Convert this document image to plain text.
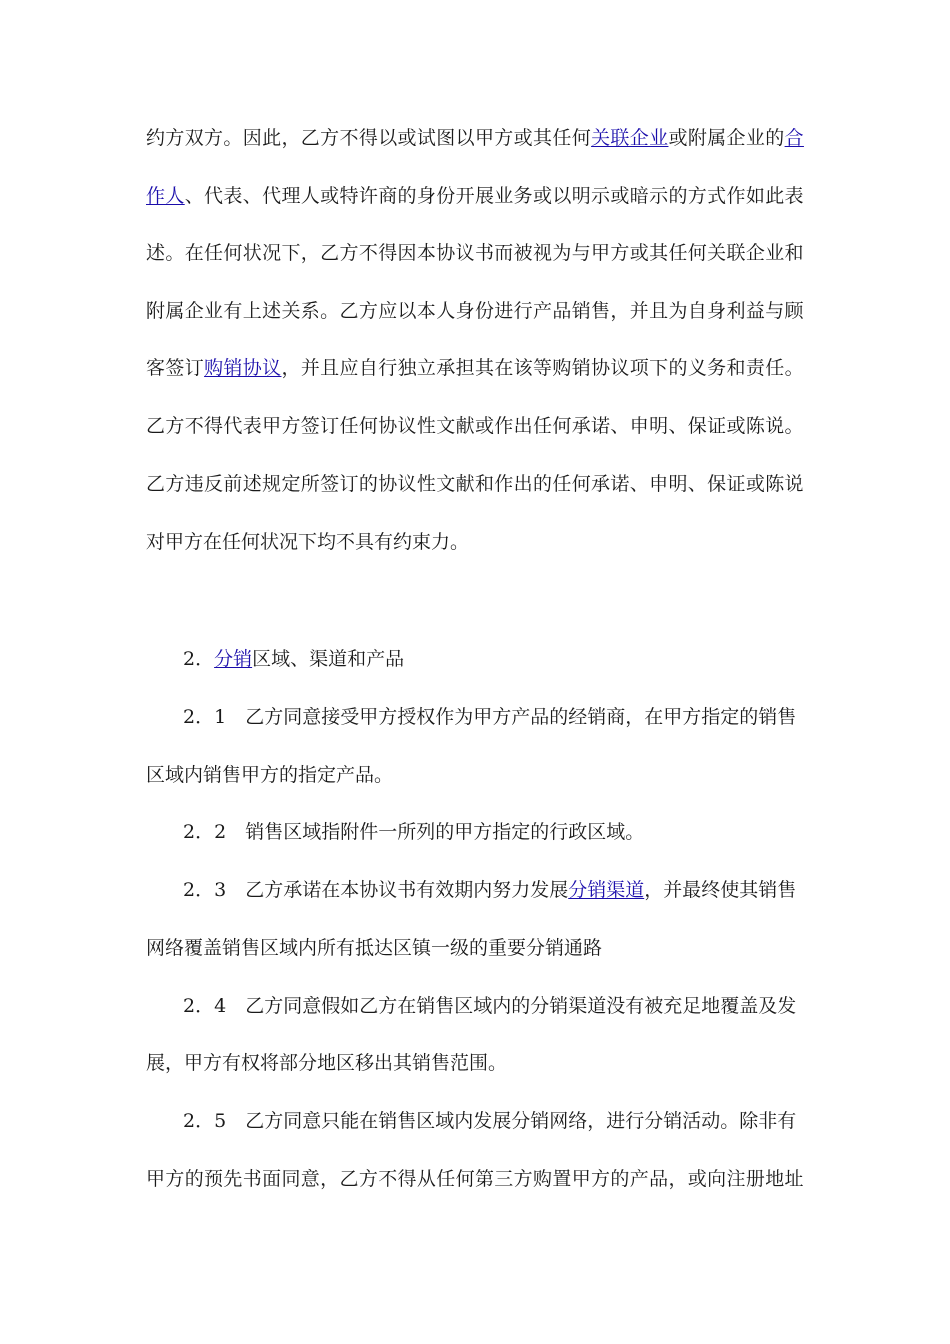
约方双方。因此，乙方不得以或试图以甲方或其任何关联企业或附属企业的合
作人、代表、代理人或特许商的身份开展业务或以明示或暗示的方式作如此表
述。在任何状况下，乙方不得因本协议书而被视为与甲方或其任何关联企业和
附属企业有上述关系。乙方应以本人身份进行产品销售，并且为自身利益与顾
客签订购销协议，并且应自行独立承担其在该等购销协议项下的义务和责任。
乙方不得代表甲方签订任何协议性文献或作出任何承诺、申明、保证或陈说。
乙方违反前述规定所签订的协议性文献和作出的任何承诺、申明、保证或陈说
对甲方在任何状况下均不具有约束力。
2．分销区域、渠道和产品
2．1 乙方同意接受甲方授权作为甲方产品的经销商，在甲方指定的销售
区域内销售甲方的指定产品。
2．2 销售区域指附件一所列的甲方指定的行政区域。
2．3 乙方承诺在本协议书有效期内努力发展分销渠道，并最终使其销售
网络覆盖销售区域内所有抵达区镇一级的重要分销通路
2．4 乙方同意假如乙方在销售区域内的分销渠道没有被充足地覆盖及发
展，甲方有权将部分地区移出其销售范围。
2．5 乙方同意只能在销售区域内发展分销网络，进行分销活动。除非有
甲方的预先书面同意，乙方不得从任何第三方购置甲方的产品，或向注册地址
